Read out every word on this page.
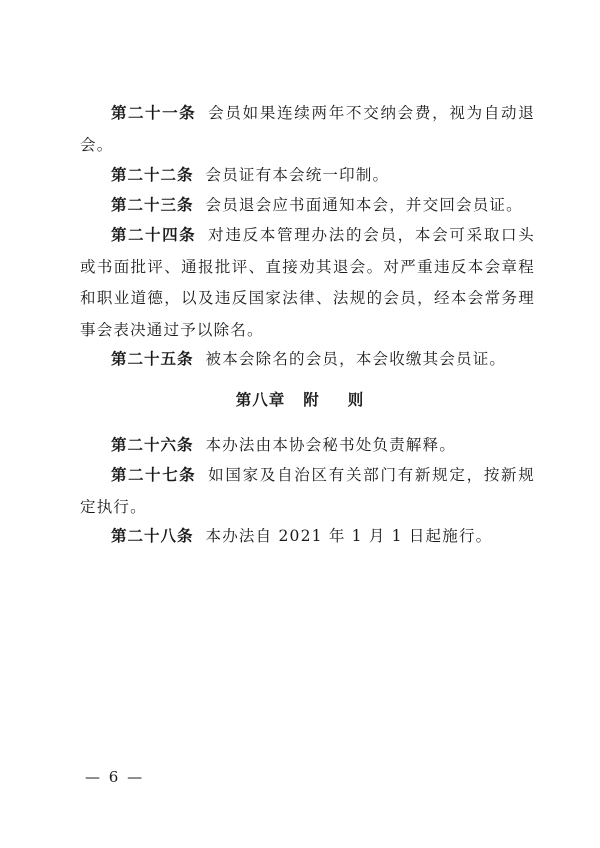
第二十一条 会员如果连续两年不交纳会费，视为自动退会。
第二十二条 会员证有本会统一印制。
第二十三条 会员退会应书面通知本会，并交回会员证。
第二十四条 对违反本管理办法的会员，本会可采取口头或书面批评、通报批评、直接劝其退会。对严重违反本会章程和职业道德，以及违反国家法律、法规的会员，经本会常务理事会表决通过予以除名。
第二十五条 被本会除名的会员，本会收缴其会员证。
第八章 附 则
第二十六条 本办法由本协会秘书处负责解释。
第二十七条 如国家及自治区有关部门有新规定，按新规定执行。
第二十八条 本办法自 2021 年 1 月 1 日起施行。
— 6 —
